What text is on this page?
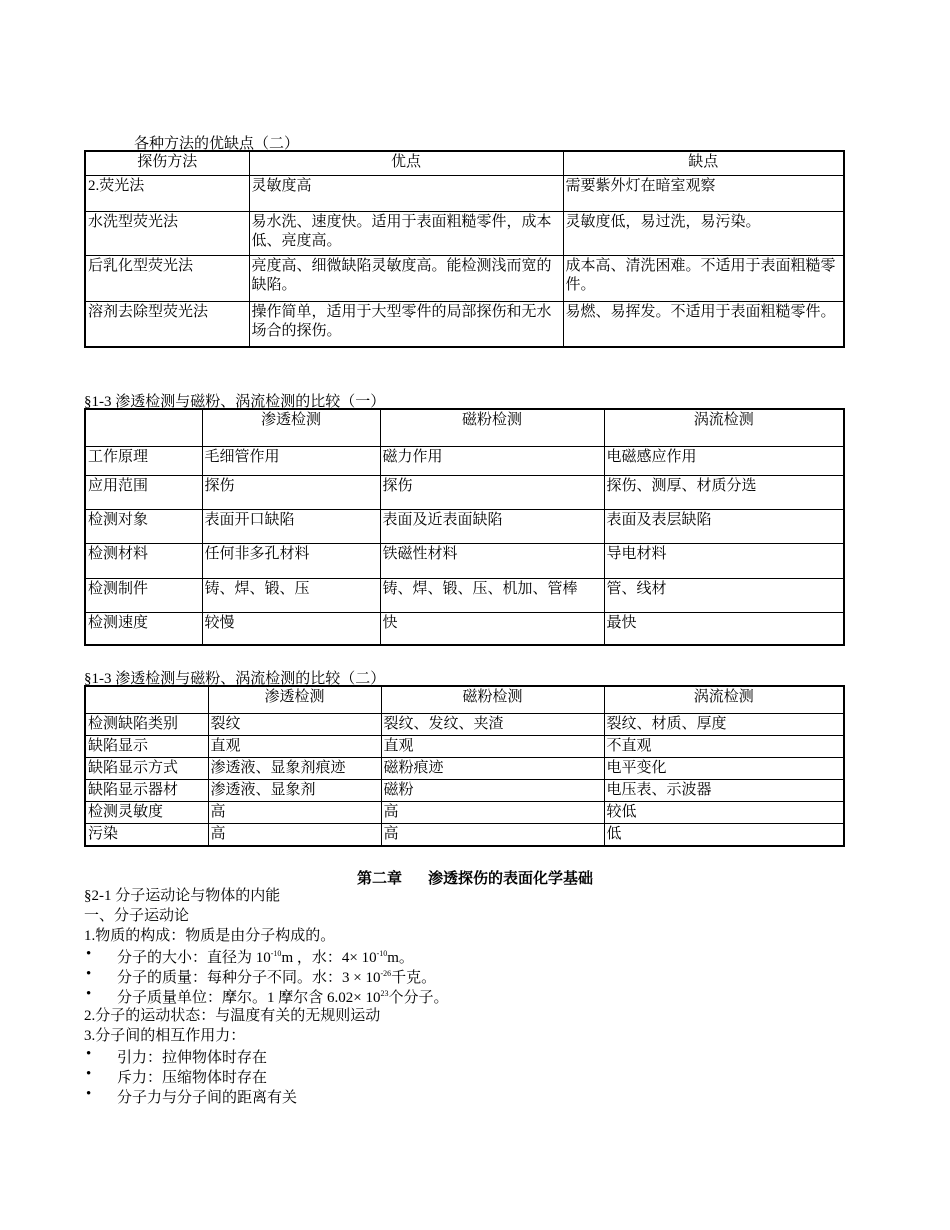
各种方法的优缺点（二）
探伤方法	优点	缺点
2.荧光法	灵敏度高	需要紫外灯在暗室观察
水洗型荧光法	易水洗、速度快。适用于表面粗糙零件，成本低、亮度高。	灵敏度低，易过洗，易污染。
后乳化型荧光法	亮度高、细微缺陷灵敏度高。能检测浅而宽的缺陷。	成本高、清洗困难。不适用于表面粗糙零件。
溶剂去除型荧光法	操作简单，适用于大型零件的局部探伤和无水场合的探伤。	易燃、易挥发。不适用于表面粗糙零件。
§1-3 渗透检测与磁粉、涡流检测的比较（一）
	渗透检测	磁粉检测	涡流检测
工作原理	毛细管作用	磁力作用	电磁感应作用
应用范围	探伤	探伤	探伤、测厚、材质分选
检测对象	表面开口缺陷	表面及近表面缺陷	表面及表层缺陷
检测材料	任何非多孔材料	铁磁性材料	导电材料
检测制件	铸、焊、锻、压	铸、焊、锻、压、机加、管棒	管、线材
检测速度	较慢	快	最快
§1-3 渗透检测与磁粉、涡流检测的比较（二）
	渗透检测	磁粉检测	涡流检测
检测缺陷类别	裂纹	裂纹、发纹、夹渣	裂纹、材质、厚度
缺陷显示	直观	直观	不直观
缺陷显示方式	渗透液、显象剂痕迹	磁粉痕迹	电平变化
缺陷显示器材	渗透液、显象剂	磁粉	电压表、示波器
检测灵敏度	高	高	较低
污染	高	高	低
第二章 渗透探伤的表面化学基础
§2-1 分子运动论与物体的内能
一、分子运动论
1.物质的构成：物质是由分子构成的。
• 分子的大小：直径为 $10^{-10}m$ ，水：$4\times 10^{-10}m$。
• 分子的质量：每种分子不同。水：$3 \times 10^{-26}$千克。
• 分子质量单位：摩尔。1 摩尔含 $6.02\times 10^{23}$个分子。
2.分子的运动状态：与温度有关的无规则运动
3.分子间的相互作用力：
• 引力：拉伸物体时存在
• 斥力：压缩物体时存在
• 分子力与分子间的距离有关
